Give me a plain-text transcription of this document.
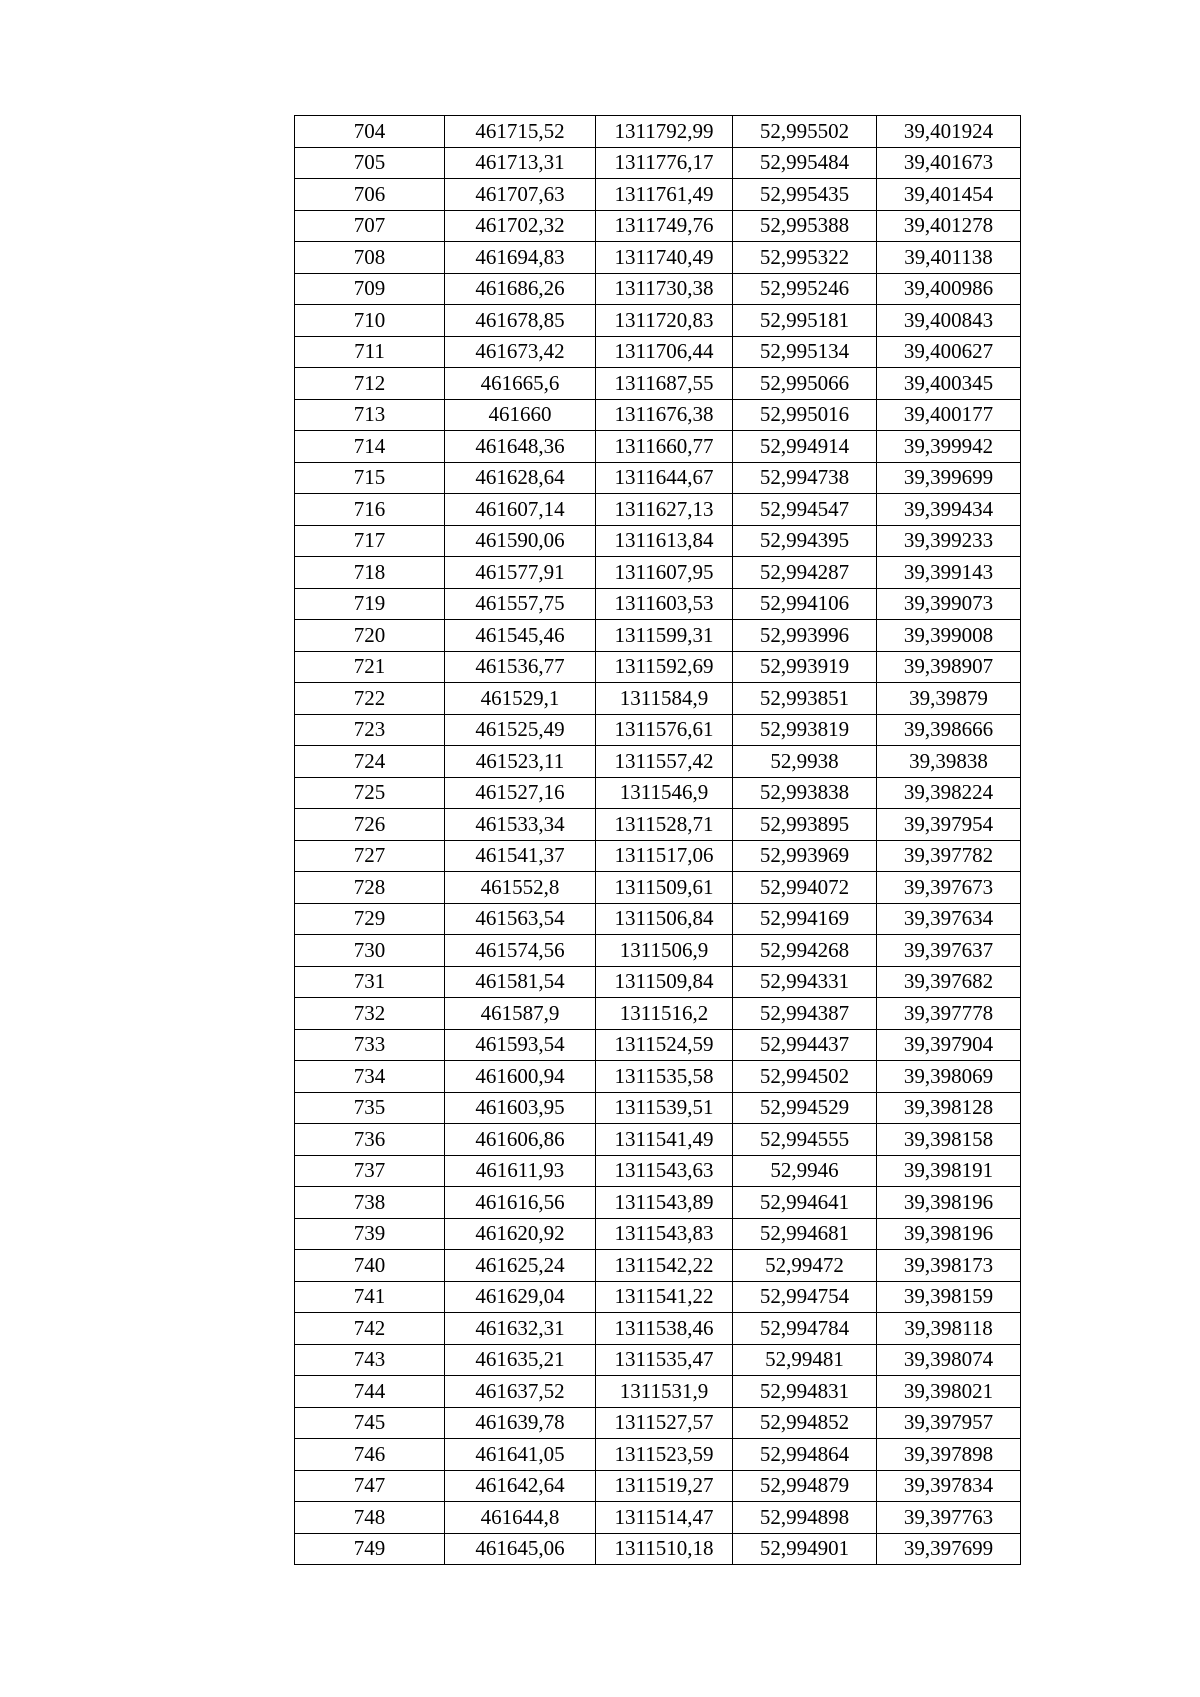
704	461715,52	1311792,99	52,995502	39,401924
705	461713,31	1311776,17	52,995484	39,401673
706	461707,63	1311761,49	52,995435	39,401454
707	461702,32	1311749,76	52,995388	39,401278
708	461694,83	1311740,49	52,995322	39,401138
709	461686,26	1311730,38	52,995246	39,400986
710	461678,85	1311720,83	52,995181	39,400843
711	461673,42	1311706,44	52,995134	39,400627
712	461665,6	1311687,55	52,995066	39,400345
713	461660	1311676,38	52,995016	39,400177
714	461648,36	1311660,77	52,994914	39,399942
715	461628,64	1311644,67	52,994738	39,399699
716	461607,14	1311627,13	52,994547	39,399434
717	461590,06	1311613,84	52,994395	39,399233
718	461577,91	1311607,95	52,994287	39,399143
719	461557,75	1311603,53	52,994106	39,399073
720	461545,46	1311599,31	52,993996	39,399008
721	461536,77	1311592,69	52,993919	39,398907
722	461529,1	1311584,9	52,993851	39,39879
723	461525,49	1311576,61	52,993819	39,398666
724	461523,11	1311557,42	52,9938	39,39838
725	461527,16	1311546,9	52,993838	39,398224
726	461533,34	1311528,71	52,993895	39,397954
727	461541,37	1311517,06	52,993969	39,397782
728	461552,8	1311509,61	52,994072	39,397673
729	461563,54	1311506,84	52,994169	39,397634
730	461574,56	1311506,9	52,994268	39,397637
731	461581,54	1311509,84	52,994331	39,397682
732	461587,9	1311516,2	52,994387	39,397778
733	461593,54	1311524,59	52,994437	39,397904
734	461600,94	1311535,58	52,994502	39,398069
735	461603,95	1311539,51	52,994529	39,398128
736	461606,86	1311541,49	52,994555	39,398158
737	461611,93	1311543,63	52,9946	39,398191
738	461616,56	1311543,89	52,994641	39,398196
739	461620,92	1311543,83	52,994681	39,398196
740	461625,24	1311542,22	52,99472	39,398173
741	461629,04	1311541,22	52,994754	39,398159
742	461632,31	1311538,46	52,994784	39,398118
743	461635,21	1311535,47	52,99481	39,398074
744	461637,52	1311531,9	52,994831	39,398021
745	461639,78	1311527,57	52,994852	39,397957
746	461641,05	1311523,59	52,994864	39,397898
747	461642,64	1311519,27	52,994879	39,397834
748	461644,8	1311514,47	52,994898	39,397763
749	461645,06	1311510,18	52,994901	39,397699
